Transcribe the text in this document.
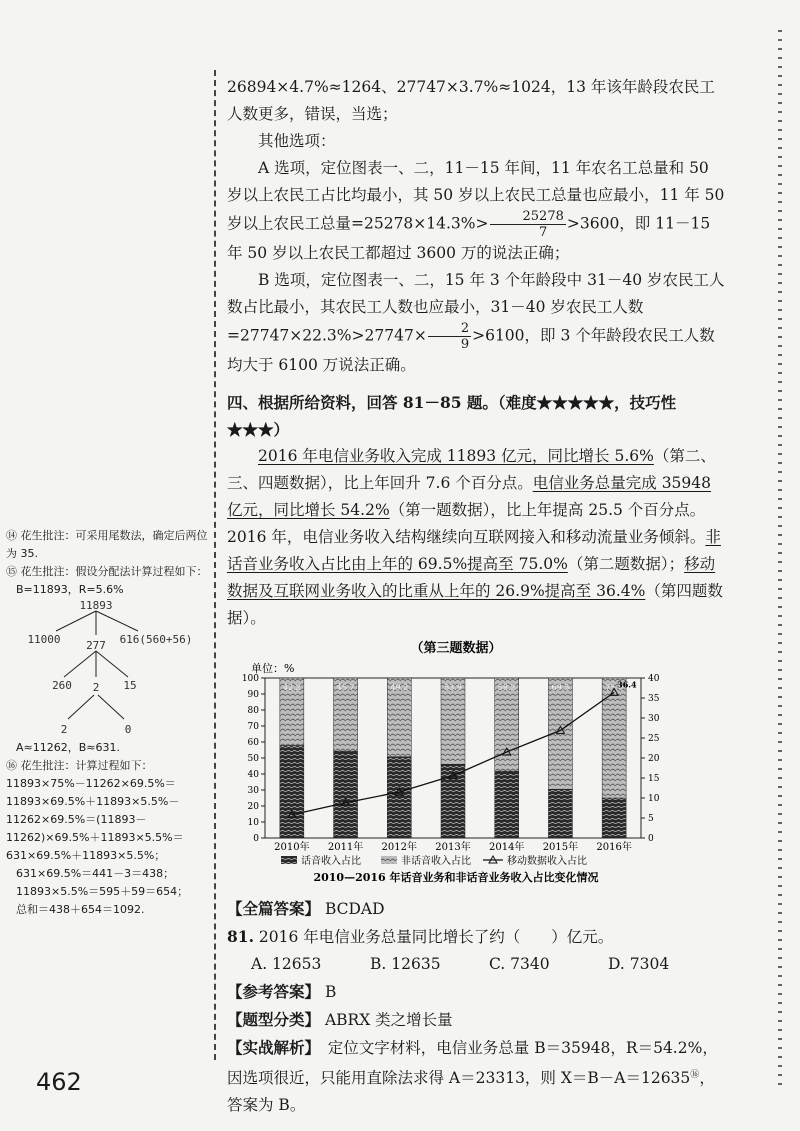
26894×4.7%≈1264、27747×3.7%≈1024，13 年该年龄段农民工人数更多，错误，当选；

其他选项：

A 选项，定位图表一、二，11－15 年间，11 年农名工总量和 50 岁以上农民工占比均最小，其 50 岁以上农民工总量也应最小，11 年 50 岁以上农民工总量$=25278\times 14.3\%> \frac{25278}{7} >3600$，即 11－15 年 50 岁以上农民工都超过 3600 万的说法正确；

B 选项，定位图表一、二，15 年 3 个年龄段中 31－40 岁农民工人数占比最小，其农民工人数也应最小，31－40 岁农民工人数$=27747\times 22.3\%>27747\times \frac{2}{9} >6100$，即 3 个年龄段农民工人数均大于 6100 万说法正确。

四、根据所给资料，回答 81－85 题。（难度★★★★★，技巧性★★★）

2016 年电信业务收入完成 11893 亿元，同比增长 5.6%（第二、三、四题数据），比上年回升 7.6 个百分点。电信业务总量完成 35948 亿元，同比增长 54.2%（第一题数据），比上年提高 25.5 个百分点。2016 年，电信业务收入结构继续向互联网接入和移动流量业务倾斜。非话音业务收入占比由上年的 69.5%提高至 75.0%（第二题数据）；移动数据及互联网业务收入的比重从上年的 26.9%提高至 36.4%（第四题数据）。

（第三题数据）
单位：%
0
10
20
30
40
50
60
70
80
90
100
0
5
10
15
20
25
30
35
40
42.2
2010年
45.7
2011年
49.2
2012年
53.9
2013年
58.2
2014年
69.5
2015年
75.0
2016年
36.4
话音收入占比	非话音收入占比	移动数据收入占比
2010—2016 年话音业务和非话音业务收入占比变化情况

【全篇答案】 BCDAD

81. 2016 年电信业务总量同比增长了约（　　）亿元。

A. 12653	B. 12635	C. 7340	D. 7304

【参考答案】 B

【题型分类】 ABRX 类之增长量

【实战解析】　 定位文字材料，电信业务总量 B＝35948，R＝54.2%，因选项很近，只能用直除法求得 A＝23313，则 X＝B－A＝12635⑯，答案为 B。

⑭ 花生批注：可采用尾数法，确定后两位为 35.

⑮ 花生批注：假设分配法计算过程如下：

B=11893，R=5.6%

11893
11000 277 616(560+56)
260 2 15
2	0

A≈11262，B≈631.

⑯ 花生批注：计算过程如下：

11893×75%－11262×69.5%＝11893×69.5%＋11893×5.5%－11262×69.5%＝(11893－11262)×69.5%＋11893×5.5%＝631×69.5%＋11893×5.5%；

631×69.5%＝441－3＝438；

11893×5.5%＝595＋59＝654；

总和＝438＋654＝1092.

462
